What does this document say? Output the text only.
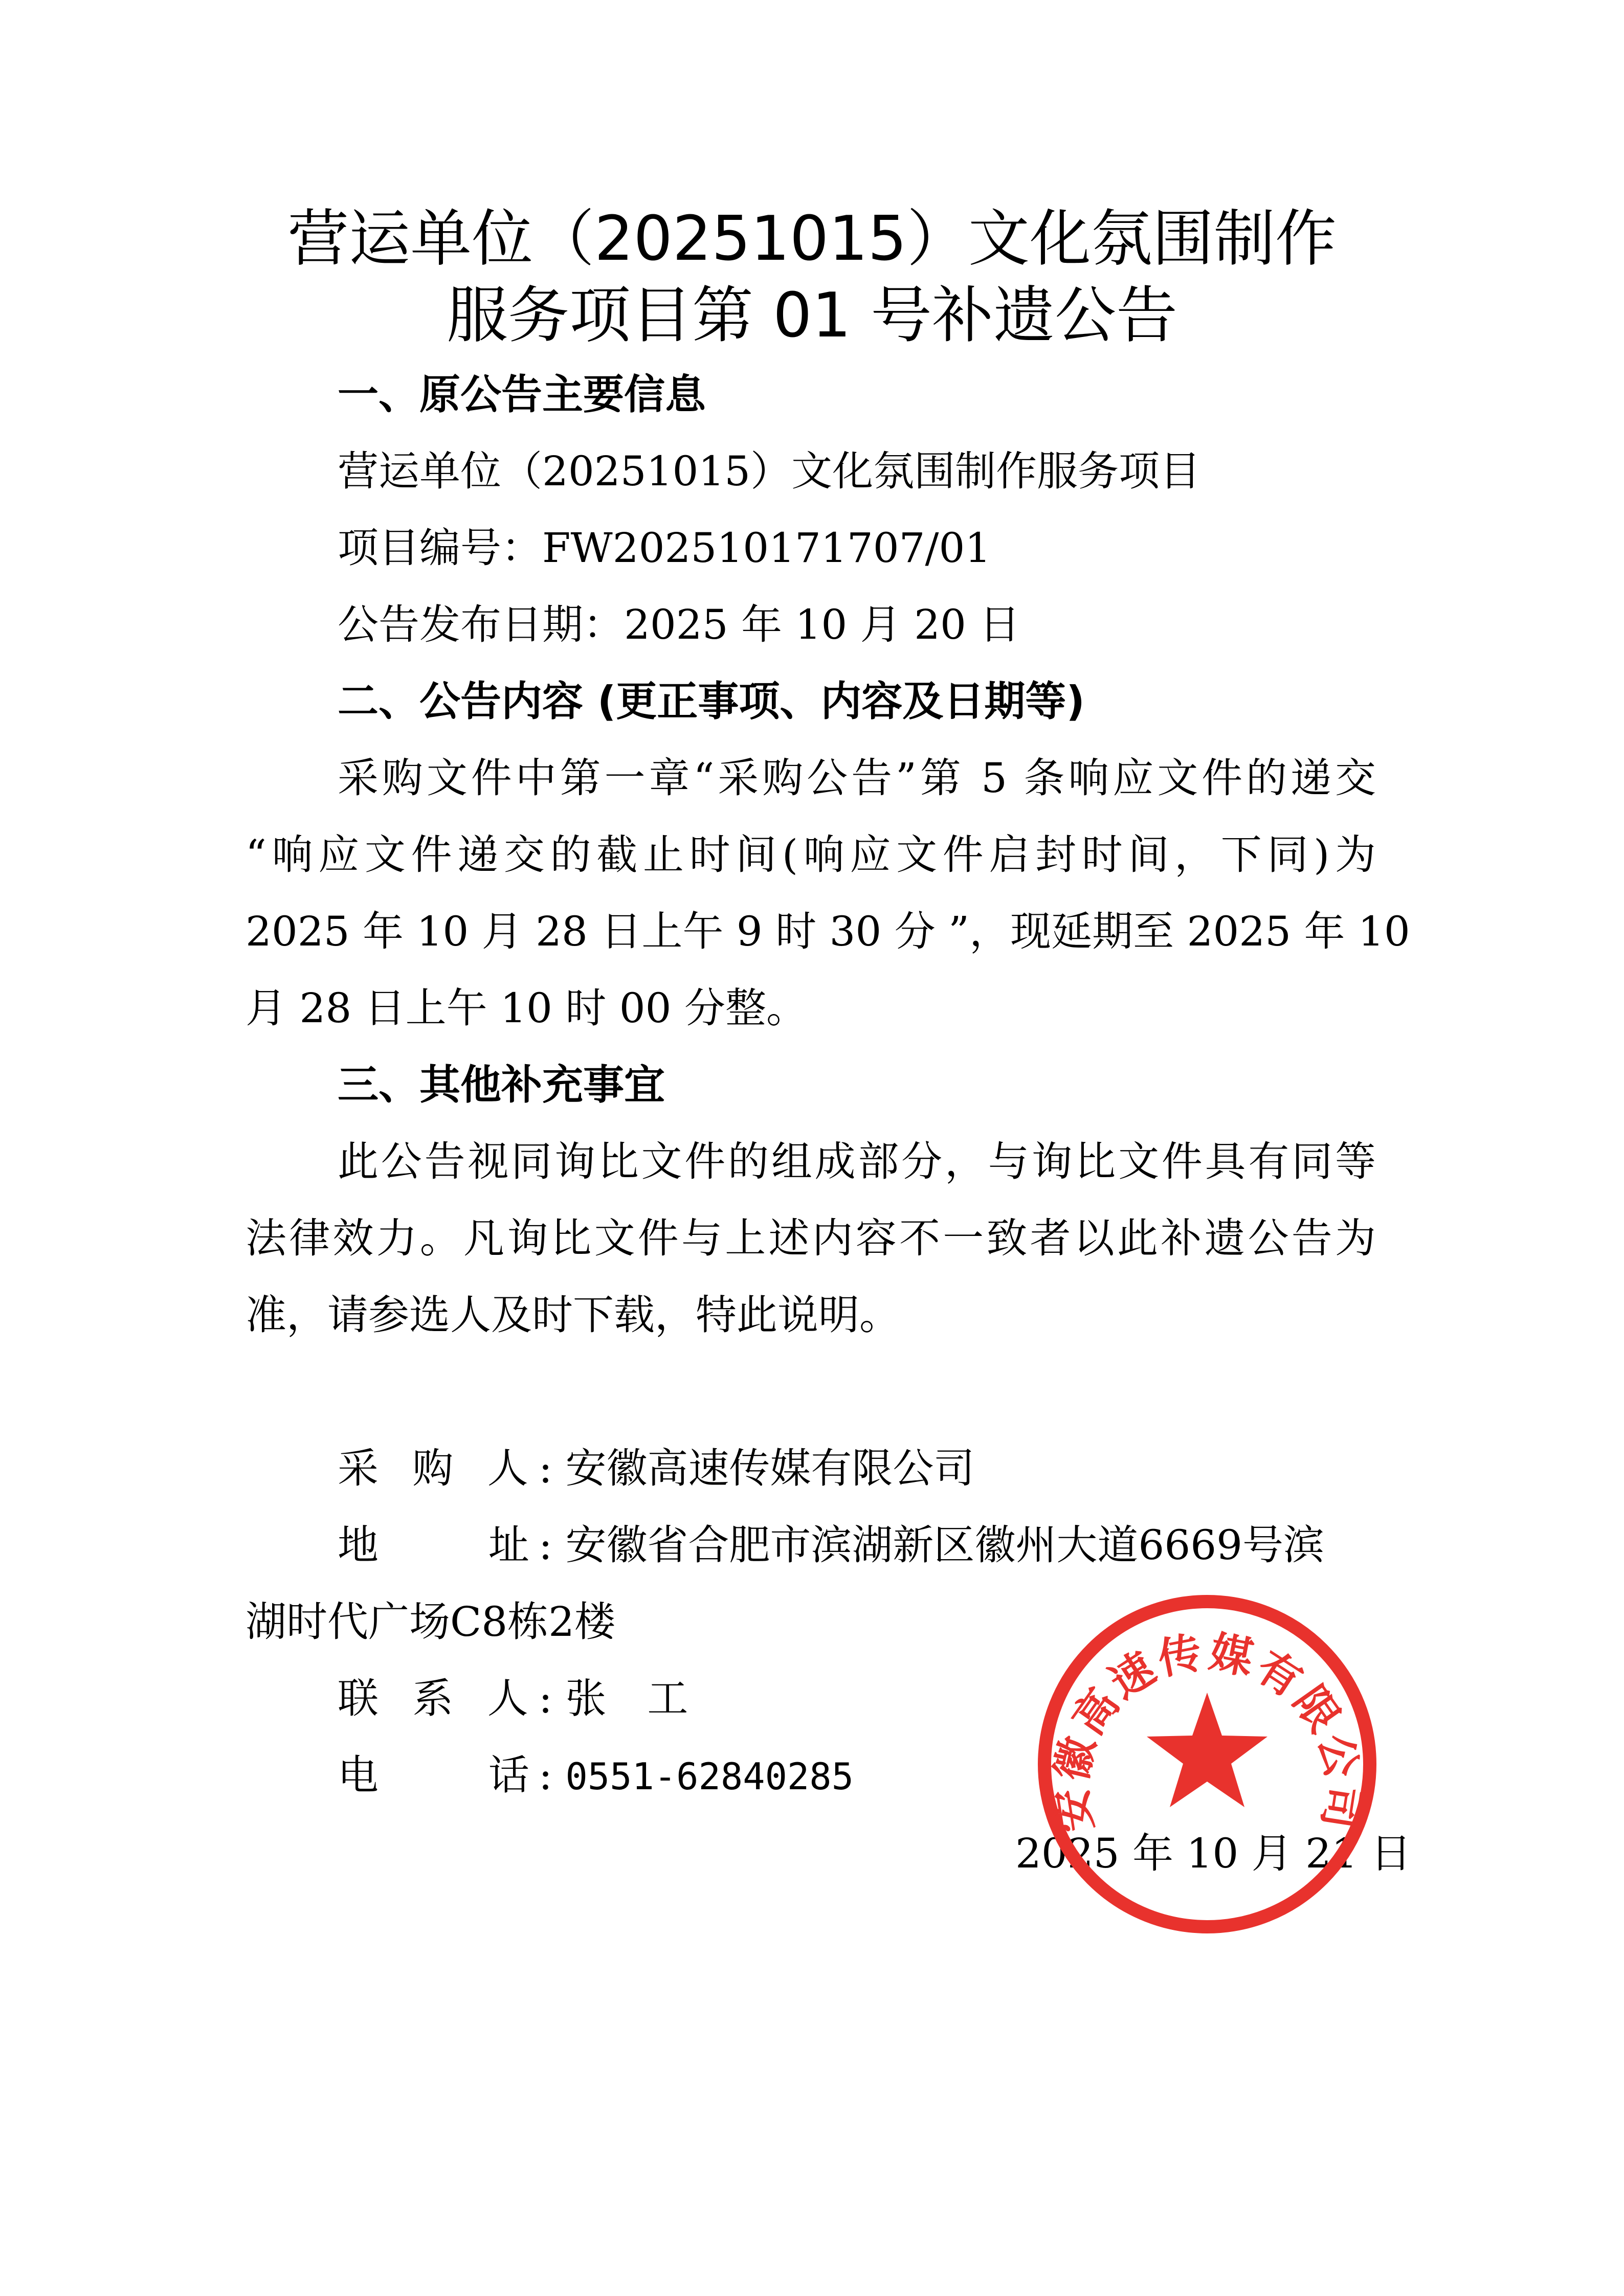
营运单位（20251015）文化氛围制作
服务项目第 01 号补遗公告
一、原公告主要信息
营运单位（20251015）文化氛围制作服务项目
项目编号：FW202510171707/01
公告发布日期：2025 年 10 月 20 日
二、公告内容 (更正事项、内容及日期等)
采购文件中第一章“采购公告”第 5 条响应文件的递交
“响应文件递交的截止时间(响应文件启封时间，下同)为
2025 年 10 月 28 日上午 9 时 30 分 ”，现延期至 2025 年 10
月 28 日上午 10 时 00 分整。
三、其他补充事宜
此公告视同询比文件的组成部分，与询比文件具有同等
法律效力。凡询比文件与上述内容不一致者以此补遗公告为
准，请参选人及时下载，特此说明。
采 购 人: 安徽高速传媒有限公司
地　　址: 安徽省合肥市滨湖新区徽州大道6669号滨
湖时代广场C8栋2楼
联 系 人: 张　工
电　　话: 0551-62840285
2025 年 10 月 21 日
安徽高速传媒有限公司
